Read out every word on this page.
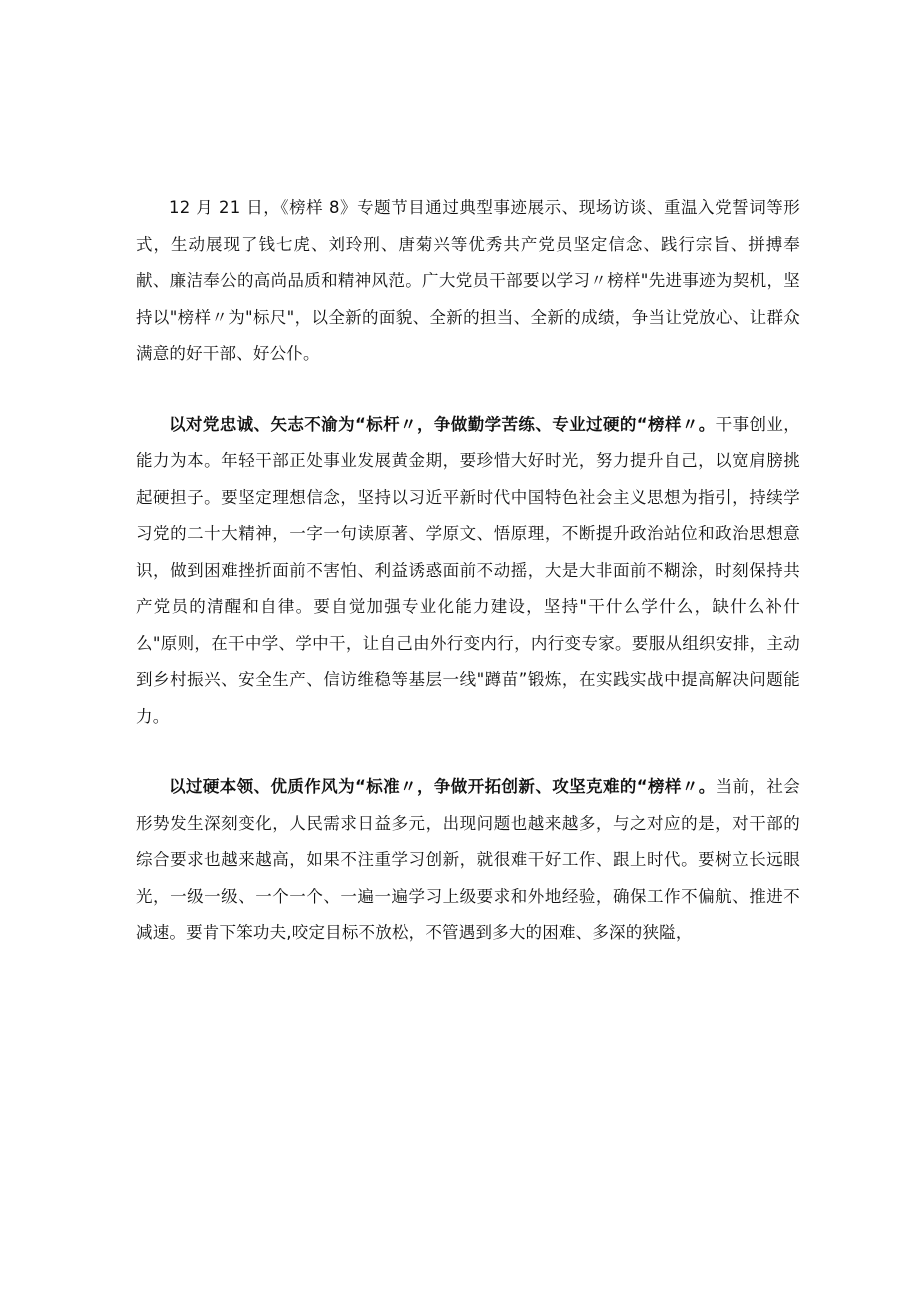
12 月 21 日，《榜样 8》专题节目通过典型事迹展示、现场访谈、重温入党誓词等形式，生动展现了钱七虎、刘玲刑、唐菊兴等优秀共产党员坚定信念、践行宗旨、拼搏奉献、廉洁奉公的高尚品质和精神风范。广大党员干部要以学习〃榜样"先进事迹为契机，坚持以"榜样〃为"标尺"，以全新的面貌、全新的担当、全新的成绩，争当让党放心、让群众满意的好干部、好公仆。

以对党忠诚、矢志不渝为“标杆〃，争做勤学苦练、专业过硬的“榜样〃。干事创业，能力为本。年轻干部正处事业发展黄金期，要珍惜大好时光，努力提升自己，以宽肩膀挑起硬担子。要坚定理想信念，坚持以习近平新时代中国特色社会主义思想为指引，持续学习党的二十大精神，一字一句读原著、学原文、悟原理，不断提升政治站位和政治思想意识，做到困难挫折面前不害怕、利益诱惑面前不动摇，大是大非面前不糊涂，时刻保持共产党员的清醒和自律。要自觉加强专业化能力建设，坚持"干什么学什么，缺什么补什么"原则，在干中学、学中干，让自己由外行变内行，内行变专家。要服从组织安排，主动到乡村振兴、安全生产、信访维稳等基层一线"蹲苗”锻炼，在实践实战中提高解决问题能力。

以过硬本领、优质作风为“标准〃，争做开拓创新、攻坚克难的“榜样〃。当前，社会形势发生深刻变化，人民需求日益多元，出现问题也越来越多，与之对应的是，对干部的综合要求也越来越高，如果不注重学习创新，就很难干好工作、跟上时代。要树立长远眼光，一级一级、一个一个、一遍一遍学习上级要求和外地经验，确保工作不偏航、推进不减速。要肯下笨功夫,咬定目标不放松，不管遇到多大的困难、多深的狭隘，
